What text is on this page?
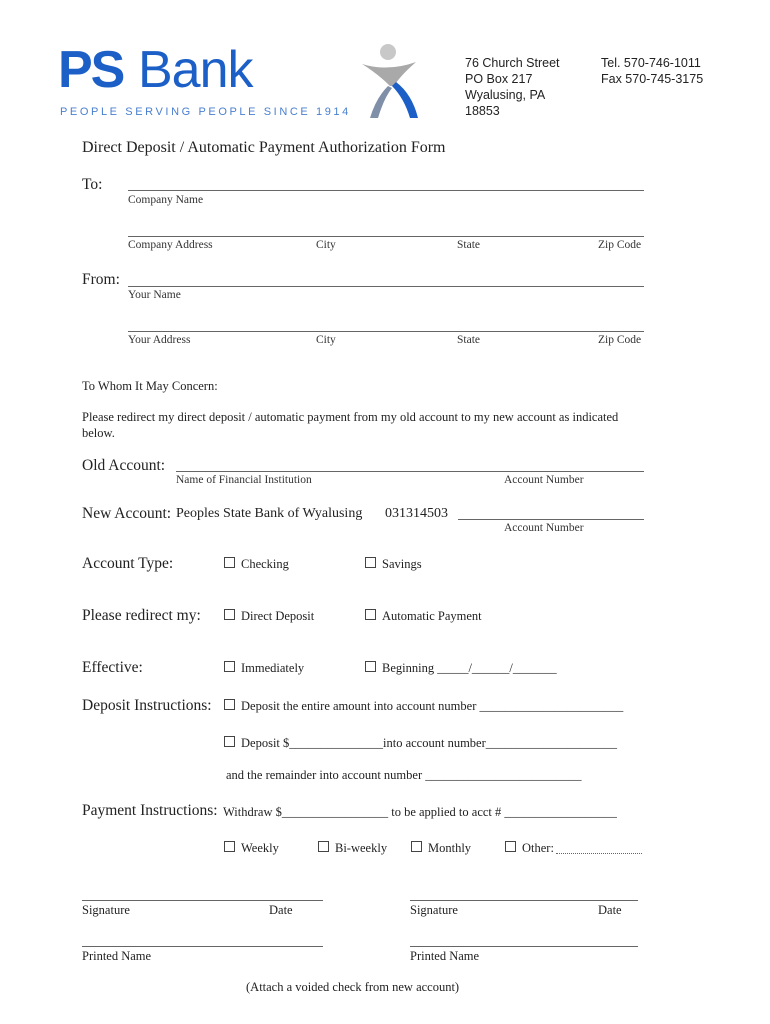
PS Bank
PEOPLE SERVING PEOPLE SINCE 1914
76 Church Street
PO Box 217
Wyalusing, PA
18853
Tel. 570-746-1011
Fax 570-745-3175
Direct Deposit / Automatic Payment Authorization Form
To:
Company Name
Company Address	City	State	Zip Code
From:
Your Name
Your Address	City	State	Zip Code
To Whom It May Concern:
Please redirect my direct deposit / automatic payment from my old account to my new account as indicated
below.
Old Account:
Name of Financial Institution	Account Number
New Account: Peoples State Bank of Wyalusing 031314503
Account Number
Account Type:	Checking	Savings
Please redirect my:	Direct Deposit	Automatic Payment
Effective:	Immediately	Beginning _____/______/_______
Deposit Instructions:	Deposit the entire amount into account number _______________________
Deposit $_______________into account number_____________________
and the remainder into account number _________________________
Payment Instructions: Withdraw $_________________ to be applied to acct # __________________
Weekly	Bi-weekly	Monthly	Other:
Signature	Date	Signature	Date
Printed Name	Printed Name
(Attach a voided check from new account)
